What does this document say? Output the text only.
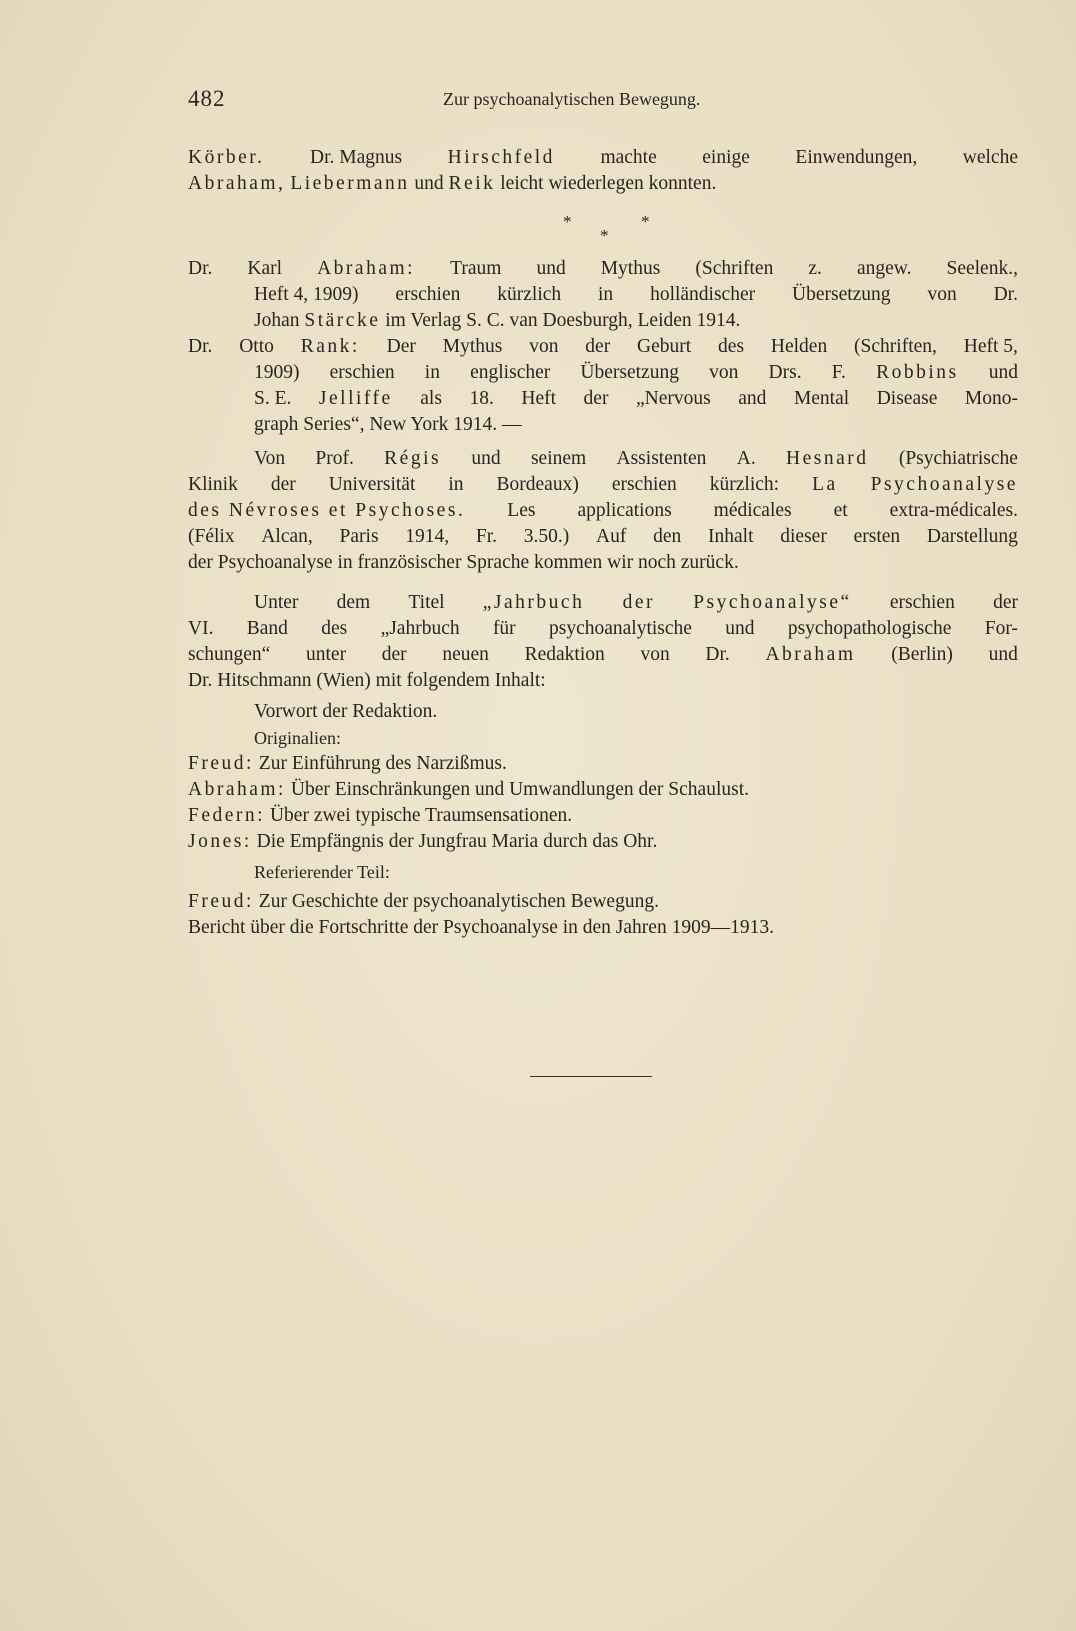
482	Zur psychoanalytischen Bewegung.
Körber. Dr. Magnus Hirschfeld machte einige Einwendungen, welche
Abraham, Liebermann und Reik leicht wiederlegen konnten.
*	*
*
Dr. Karl Abraham: Traum und Mythus (Schriften z. angew. Seelenk.,
Heft 4, 1909) erschien kürzlich in holländischer Übersetzung von Dr.
Johan Stärcke im Verlag S. C. van Doesburgh, Leiden 1914.
Dr. Otto Rank: Der Mythus von der Geburt des Helden (Schriften, Heft 5,
1909) erschien in englischer Übersetzung von Drs. F. Robbins und
S. E. Jelliffe als 18. Heft der „Nervous and Mental Disease Mono-
graph Series“, New York 1914. —
Von Prof. Régis und seinem Assistenten A. Hesnard (Psychiatrische
Klinik der Universität in Bordeaux) erschien kürzlich: La Psychoanalyse
des Névroses et Psychoses. Les applications médicales et extra-médicales.
(Félix Alcan, Paris 1914, Fr. 3.50.) Auf den Inhalt dieser ersten Darstellung
der Psychoanalyse in französischer Sprache kommen wir noch zurück.
Unter dem Titel „Jahrbuch der Psychoanalyse“ erschien der
VI. Band des „Jahrbuch für psychoanalytische und psychopathologische For-
schungen“ unter der neuen Redaktion von Dr. Abraham (Berlin) und
Dr. Hitschmann (Wien) mit folgendem Inhalt:
Vorwort der Redaktion.
Originalien:
Freud: Zur Einführung des Narzißmus.
Abraham: Über Einschränkungen und Umwandlungen der Schaulust.
Federn: Über zwei typische Traumsensationen.
Jones: Die Empfängnis der Jungfrau Maria durch das Ohr.
Referierender Teil:
Freud: Zur Geschichte der psychoanalytischen Bewegung.
Bericht über die Fortschritte der Psychoanalyse in den Jahren 1909—1913.
